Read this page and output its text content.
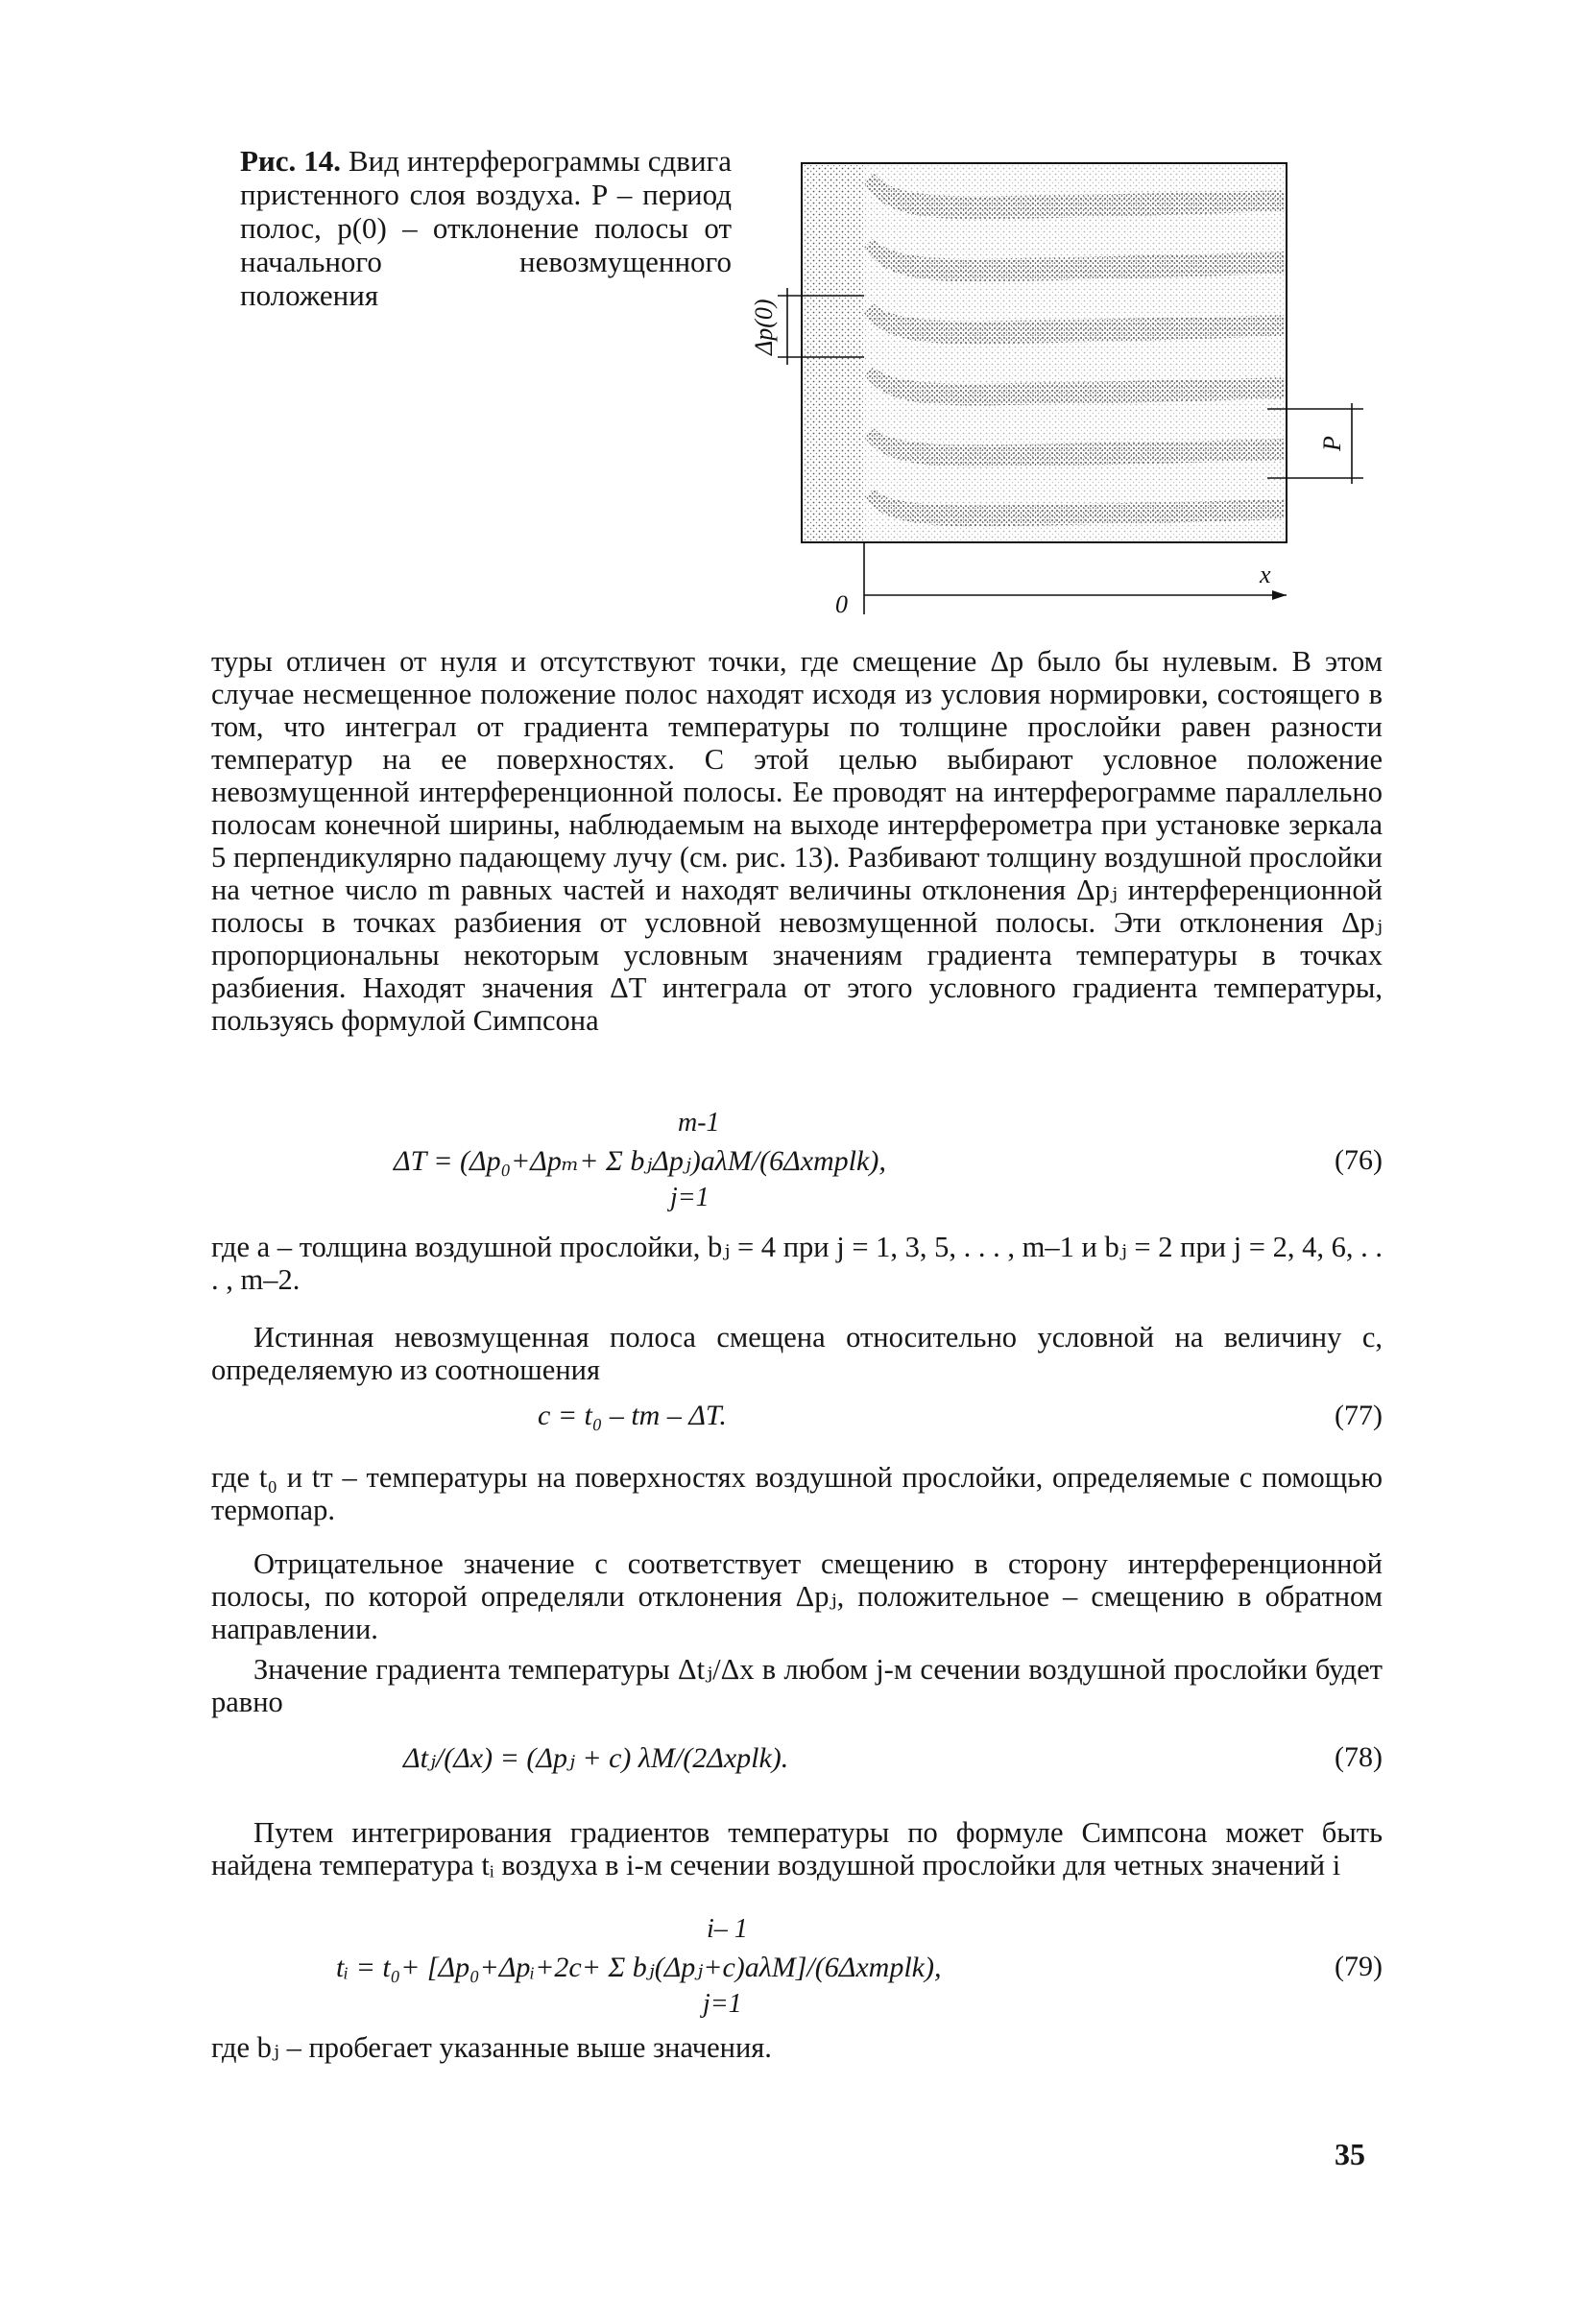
Рис. 14. Вид интерферограммы сдвига пристенного слоя воздуха. P – период полос, p(0) – отклонение полосы от начального невозмущенного положения
Δp(0)
P
0
x

туры отличен от нуля и отсутствуют точки, где смещение Δp было бы нулевым. В этом случае несмещенное положение полос находят исходя из условия нормировки, состоящего в том, что интеграл от градиента температуры по толщине прослойки равен разности температур на ее поверхностях. С этой целью выбирают условное положение невозмущенной интерференционной полосы. Ее проводят на интерферограмме параллельно полосам конечной ширины, наблюдаемым на выходе интерферометра при установке зеркала 5 перпендикулярно падающему лучу (см. рис. 13). Разбивают толщину воздушной прослойки на четное число m равных частей и находят величины отклонения Δpⱼ интерференционной полосы в точках разбиения от условной невозмущенной полосы. Эти отклонения Δpⱼ пропорциональны некоторым условным значениям градиента температуры в точках разбиения. Находят значения ΔT интеграла от этого условного градиента температуры, пользуясь формулой Симпсона

m-1
ΔT = (Δp₀+Δpₘ+ Σ bⱼΔpⱼ)aλM/(6Δxmplk),
j=1
(76)

где a – толщина воздушной прослойки, bⱼ = 4 при j = 1, 3, 5, . . . , m–1 и bⱼ = 2 при j = 2, 4, 6, . . . , m–2.

Истинная невозмущенная полоса смещена относительно условной на величину c, определяемую из соотношения

c = t₀ – tт – ΔT.	(77)

где t₀ и tт – температуры на поверхностях воздушной прослойки, определяемые с помощью термопар.

Отрицательное значение c соответствует смещению в сторону интерференционной полосы, по которой определяли отклонения Δpⱼ, положительное – смещению в обратном направлении.

Значение градиента температуры Δtⱼ/Δx в любом j-м сечении воздушной прослойки будет равно

Δtⱼ/(Δx) = (Δpⱼ + c) λM/(2Δxplk).	(78)

Путем интегрирования градиентов температуры по формуле Симпсона может быть найдена температура tᵢ воздуха в i-м сечении воздушной прослойки для четных значений i

i– 1
tᵢ = t₀+ [Δp₀+Δpᵢ+2c+ Σ bⱼ(Δpⱼ+c)aλM]/(6Δxmplk),
j=1
(79)

где bⱼ – пробегает указанные выше значения.

35
